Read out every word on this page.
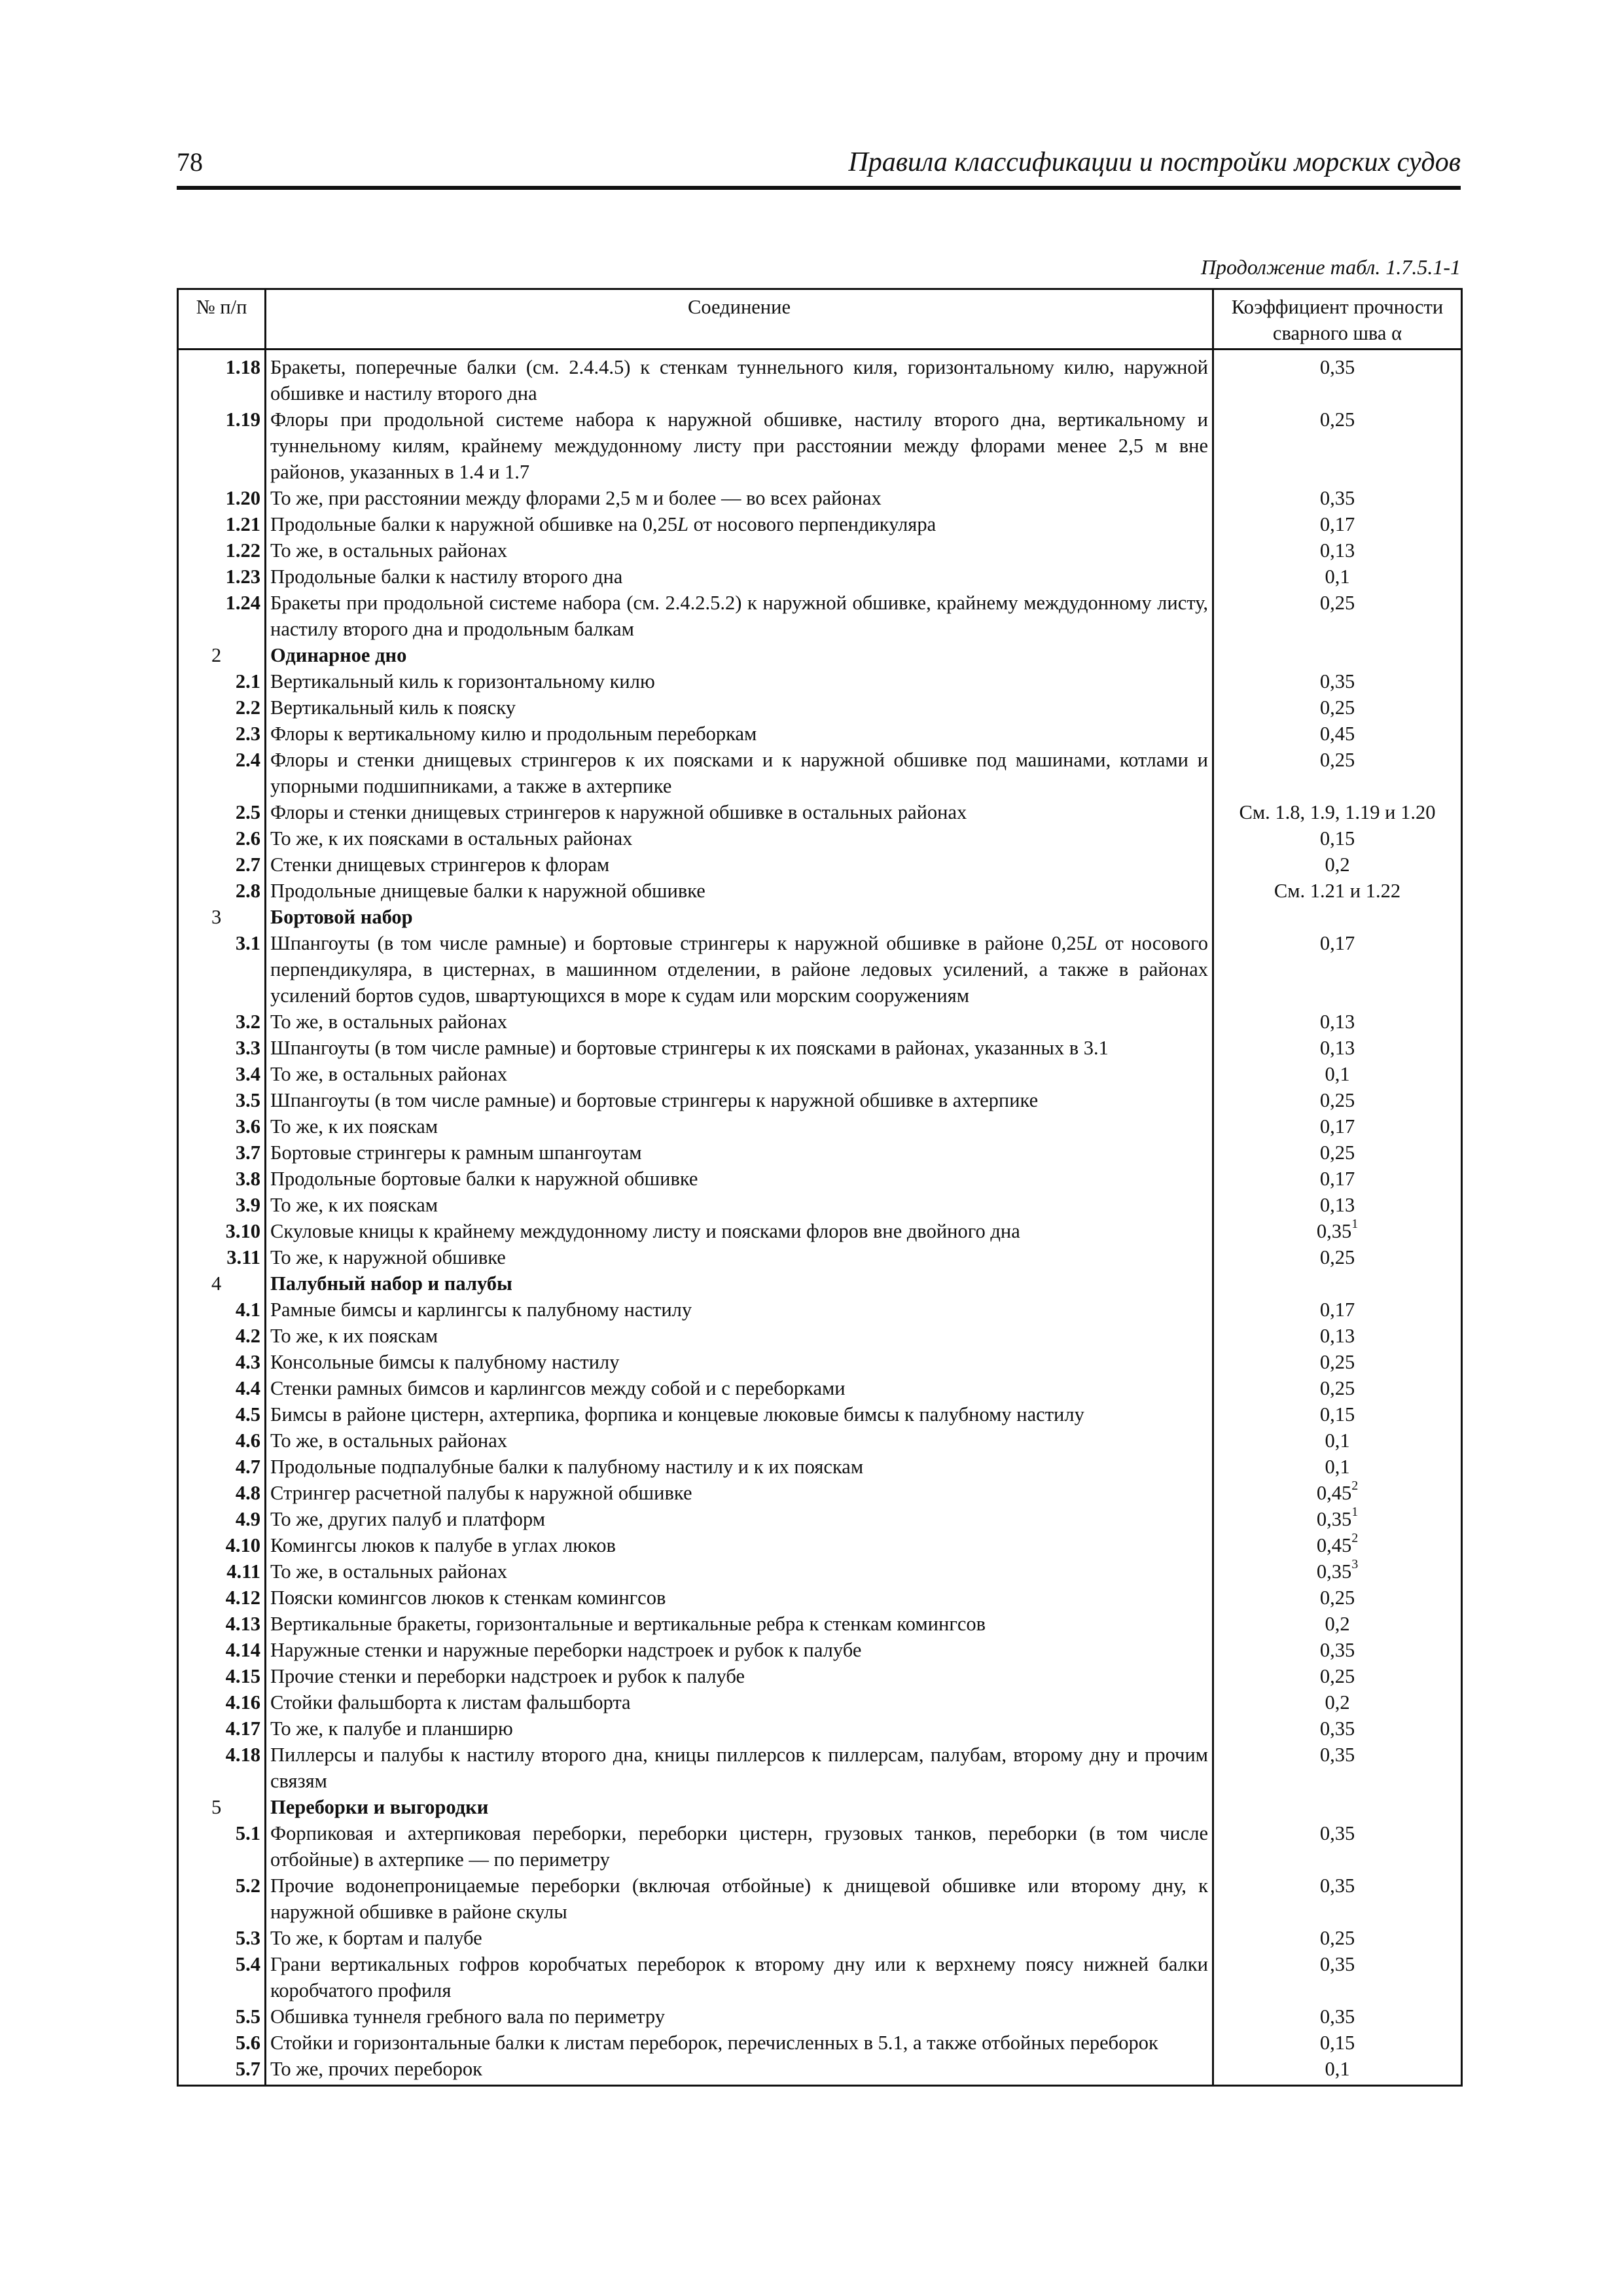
78	Правила классификации и постройки морских судов
Продолжение табл. 1.7.5.1-1
№ п/п	Соединение	Коэффициент прочности сварного шва α
1.18	Бракеты, поперечные балки (см. 2.4.4.5) к стенкам туннельного киля, горизонтальному килю, наружной обшивке и настилу второго дна	0,35
1.19	Флоры при продольной системе набора к наружной обшивке, настилу второго дна, вертикальному и туннельному килям, крайнему междудонному листу при расстоянии между флорами менее 2,5 м вне районов, указанных в 1.4 и 1.7	0,25
1.20	То же, при расстоянии между флорами 2,5 м и более — во всех районах	0,35
1.21	Продольные балки к наружной обшивке на 0,25L от носового перпендикуляра	0,17
1.22	То же, в остальных районах	0,13
1.23	Продольные балки к настилу второго дна	0,1
1.24	Бракеты при продольной системе набора (см. 2.4.2.5.2) к наружной обшивке, крайнему междудонному листу, настилу второго дна и продольным балкам	0,25
2	Одинарное дно	
2.1	Вертикальный киль к горизонтальному килю	0,35
2.2	Вертикальный киль к пояску	0,25
2.3	Флоры к вертикальному килю и продольным переборкам	0,45
2.4	Флоры и стенки днищевых стрингеров к их поясками и к наружной обшивке под машинами, котлами и упорными подшипниками, а также в ахтерпике	0,25
2.5	Флоры и стенки днищевых стрингеров к наружной обшивке в остальных районах	См. 1.8, 1.9, 1.19 и 1.20
2.6	То же, к их поясками в остальных районах	0,15
2.7	Стенки днищевых стрингеров к флорам	0,2
2.8	Продольные днищевые балки к наружной обшивке	См. 1.21 и 1.22
3	Бортовой набор	
3.1	Шпангоуты (в том числе рамные) и бортовые стрингеры к наружной обшивке в районе 0,25L от носового перпендикуляра, в цистернах, в машинном отделении, в районе ледовых усилений, а также в районах усилений бортов судов, швартующихся в море к судам или морским сооружениям	0,17
3.2	То же, в остальных районах	0,13
3.3	Шпангоуты (в том числе рамные) и бортовые стрингеры к их поясками в районах, указанных в 3.1	0,13
3.4	То же, в остальных районах	0,1
3.5	Шпангоуты (в том числе рамные) и бортовые стрингеры к наружной обшивке в ахтерпике	0,25
3.6	То же, к их пояскам	0,17
3.7	Бортовые стрингеры к рамным шпангоутам	0,25
3.8	Продольные бортовые балки к наружной обшивке	0,17
3.9	То же, к их пояскам	0,13
3.10	Скуловые кницы к крайнему междудонному листу и поясками флоров вне двойного дна	0,35$^1$
3.11	То же, к наружной обшивке	0,25
4	Палубный набор и палубы	
4.1	Рамные бимсы и карлингсы к палубному настилу	0,17
4.2	То же, к их пояскам	0,13
4.3	Консольные бимсы к палубному настилу	0,25
4.4	Стенки рамных бимсов и карлингсов между собой и с переборками	0,25
4.5	Бимсы в районе цистерн, ахтерпика, форпика и концевые люковые бимсы к палубному настилу	0,15
4.6	То же, в остальных районах	0,1
4.7	Продольные подпалубные балки к палубному настилу и к их пояскам	0,1
4.8	Стрингер расчетной палубы к наружной обшивке	0,45$^2$
4.9	То же, других палуб и платформ	0,35$^1$
4.10	Комингсы люков к палубе в углах люков	0,45$^2$
4.11	То же, в остальных районах	0,35$^3$
4.12	Пояски комингсов люков к стенкам комингсов	0,25
4.13	Вертикальные бракеты, горизонтальные и вертикальные ребра к стенкам комингсов	0,2
4.14	Наружные стенки и наружные переборки надстроек и рубок к палубе	0,35
4.15	Прочие стенки и переборки надстроек и рубок к палубе	0,25
4.16	Стойки фальшборта к листам фальшборта	0,2
4.17	То же, к палубе и планширю	0,35
4.18	Пиллерсы и палубы к настилу второго дна, кницы пиллерсов к пиллерсам, палубам, второму дну и прочим связям	0,35
5	Переборки и выгородки	
5.1	Форпиковая и ахтерпиковая переборки, переборки цистерн, грузовых танков, переборки (в том числе отбойные) в ахтерпике — по периметру	0,35
5.2	Прочие водонепроницаемые переборки (включая отбойные) к днищевой обшивке или второму дну, к наружной обшивке в районе скулы	0,35
5.3	То же, к бортам и палубе	0,25
5.4	Грани вертикальных гофров коробчатых переборок к второму дну или к верхнему поясу нижней балки коробчатого профиля	0,35
5.5	Обшивка туннеля гребного вала по периметру	0,35
5.6	Стойки и горизонтальные балки к листам переборок, перечисленных в 5.1, а также отбойных переборок	0,15
5.7	То же, прочих переборок	0,1
